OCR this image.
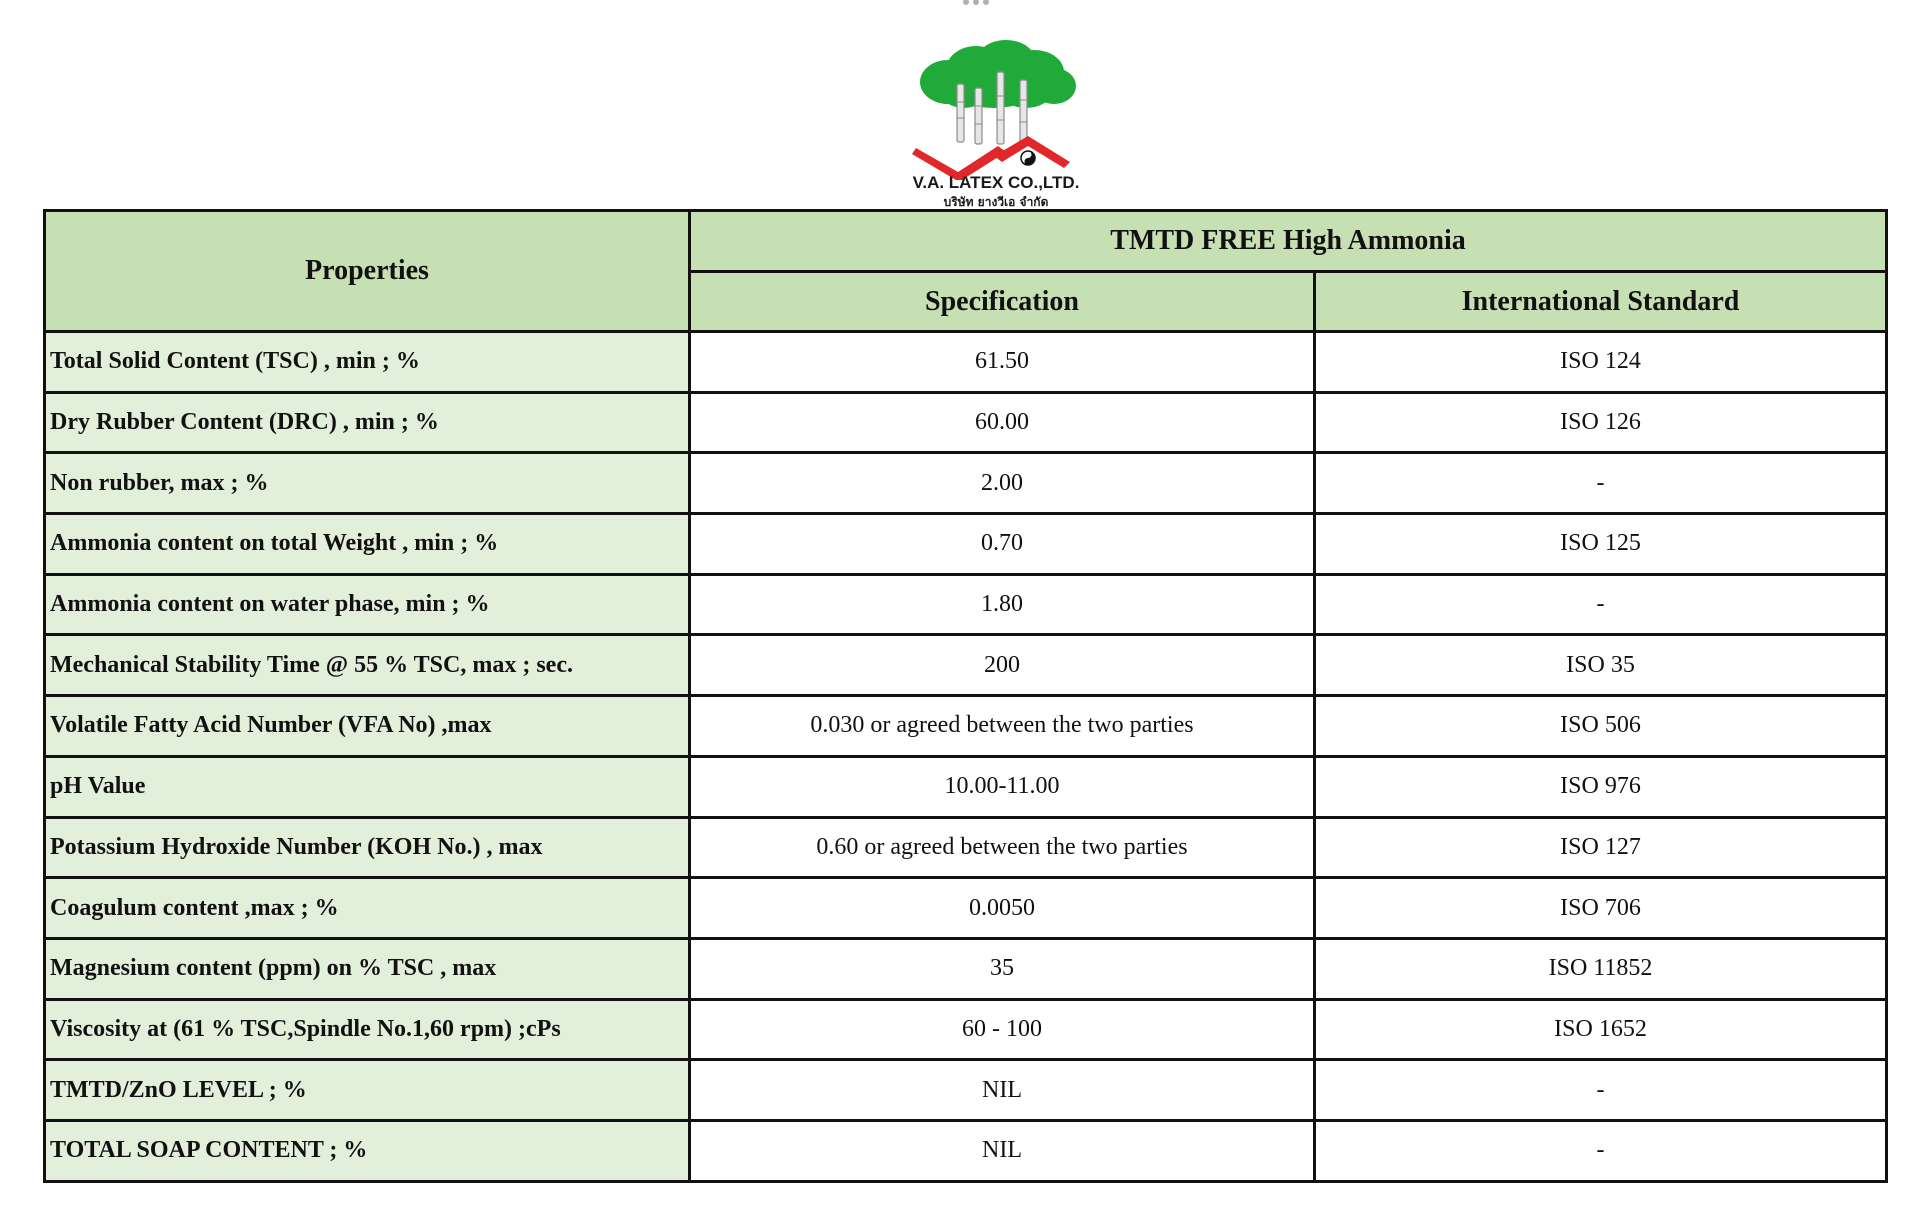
V.A. LATEX CO.,LTD.
บริษัท ยางวีเอ จำกัด
Properties	TMTD FREE High Ammonia	
	Specification	International Standard
Total Solid Content (TSC) , min ; %	61.50	ISO 124
Dry Rubber Content (DRC) , min ; %	60.00	ISO 126
Non rubber, max ; %	2.00	-
Ammonia content on total Weight , min ; %	0.70	ISO 125
Ammonia content on water phase, min ; %	1.80	-
Mechanical Stability Time @ 55 % TSC, max ; sec.	200	ISO 35
Volatile Fatty Acid Number (VFA No) ,max	0.030 or agreed between the two parties	ISO 506
pH Value	10.00-11.00	ISO 976
Potassium Hydroxide Number (KOH No.) , max	0.60 or agreed between the two parties	ISO 127
Coagulum content ,max ; %	0.0050	ISO 706
Magnesium content (ppm) on % TSC , max	35	ISO 11852
Viscosity at (61 % TSC,Spindle No.1,60 rpm) ;cPs	60 - 100	ISO 1652
TMTD/ZnO LEVEL ; %	NIL	-
TOTAL SOAP CONTENT ; %	NIL	-
